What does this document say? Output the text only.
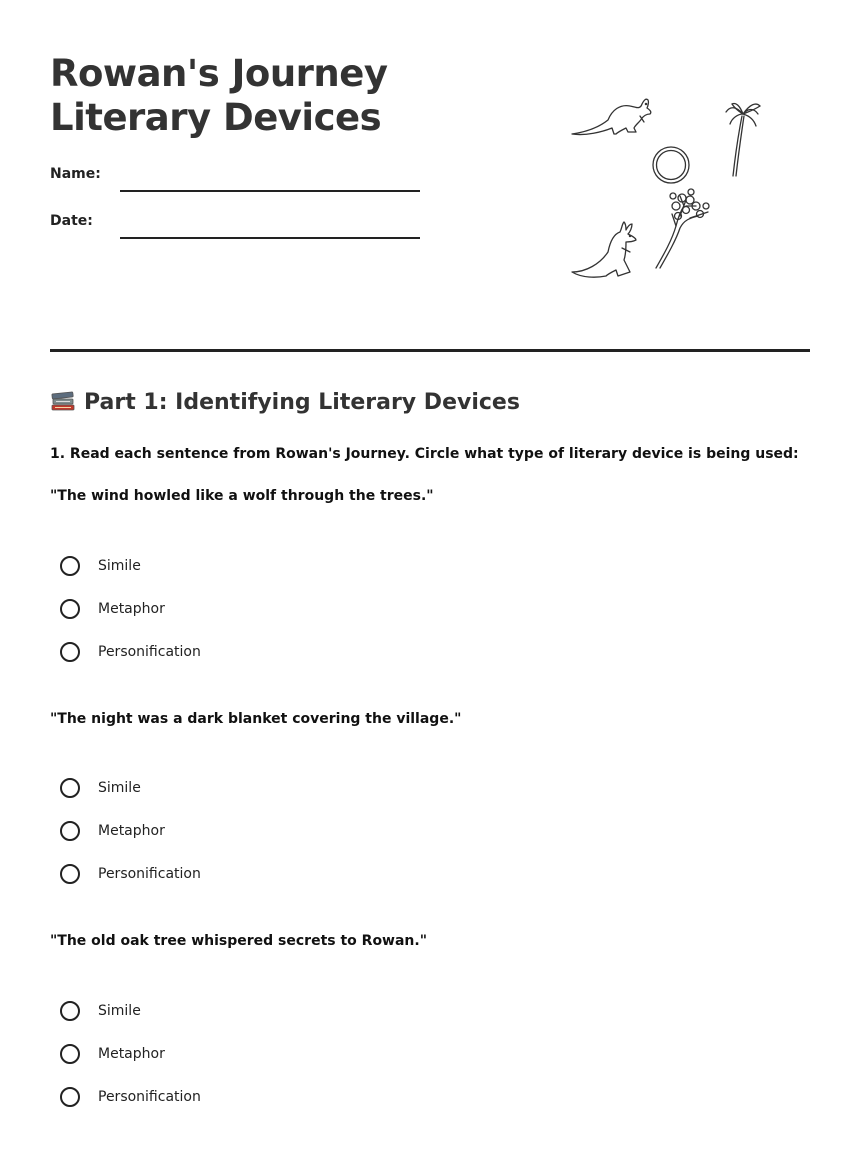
Rowan's Journey
Literary Devices
Name:
Date:
Part 1: Identifying Literary Devices
1. Read each sentence from Rowan's Journey. Circle what type of literary device is being used:
"The wind howled like a wolf through the trees."
Simile
Metaphor
Personification
"The night was a dark blanket covering the village."
Simile
Metaphor
Personification
"The old oak tree whispered secrets to Rowan."
Simile
Metaphor
Personification
